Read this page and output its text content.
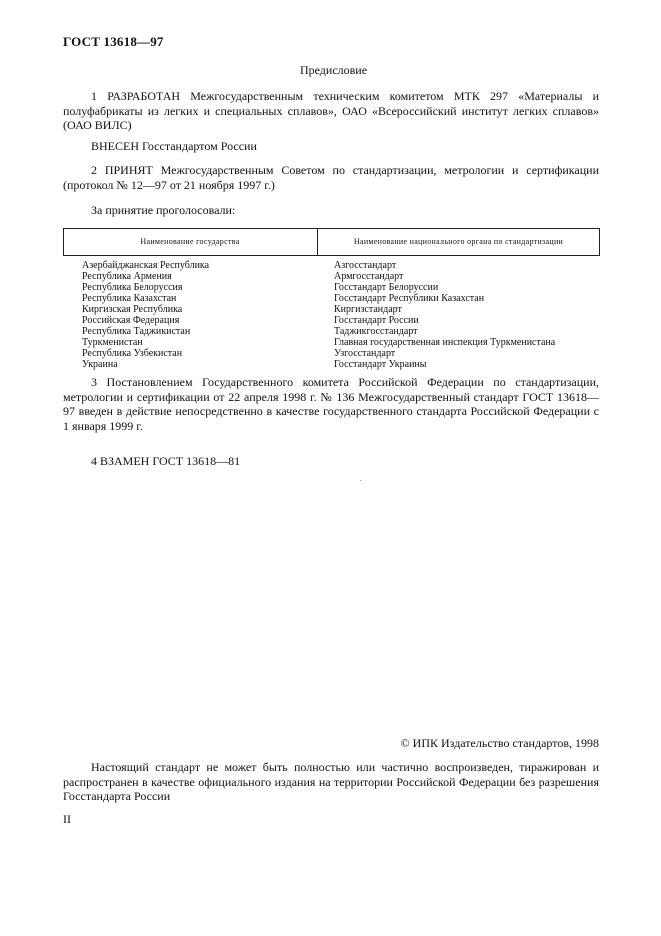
ГОСТ 13618—97
Предисловие

1 РАЗРАБОТАН Межгосударственным техническим комитетом МТК 297 «Материалы и полуфабрикаты из легких и специальных сплавов», ОАО «Всероссийский институт легких сплавов» (ОАО ВИЛС)

ВНЕСЕН Госстандартом России

2 ПРИНЯТ Межгосударственным Советом по стандартизации, метрологии и сертификации (протокол № 12—97 от 21 ноября 1997 г.)

За принятие проголосовали:

Наименование государства	Наименование национального органа по стандартизации
Азербайджанская Республика
Республика Армения
Республика Белоруссия
Республика Казахстан
Киргизская Республика
Российская Федерация
Республика Таджикистан
Туркменистан
Республика Узбекистан
Украина
Азгосстандарт
Армгосстандарт
Госстандарт Белоруссии
Госстандарт Республики Казахстан
Киргизстандарт
Госстандарт России
Таджикгосстандарт
Главная государственная инспекция Туркменистана
Узгосстандарт
Госстандарт Украины

3 Постановлением Государственного комитета Российской Федерации по стандартизации, метрологии и сертификации от 22 апреля 1998 г. № 136 Межгосударственный стандарт ГОСТ 13618—97 введен в действие непосредственно в качестве государственного стандарта Российской Федерации с 1 января 1999 г.

4 ВЗАМЕН ГОСТ 13618—81

© ИПК Издательство стандартов, 1998

Настоящий стандарт не может быть полностью или частично воспроизведен, тиражирован и распространен в качестве официального издания на территории Российской Федерации без разрешения Госстандарта России

II
